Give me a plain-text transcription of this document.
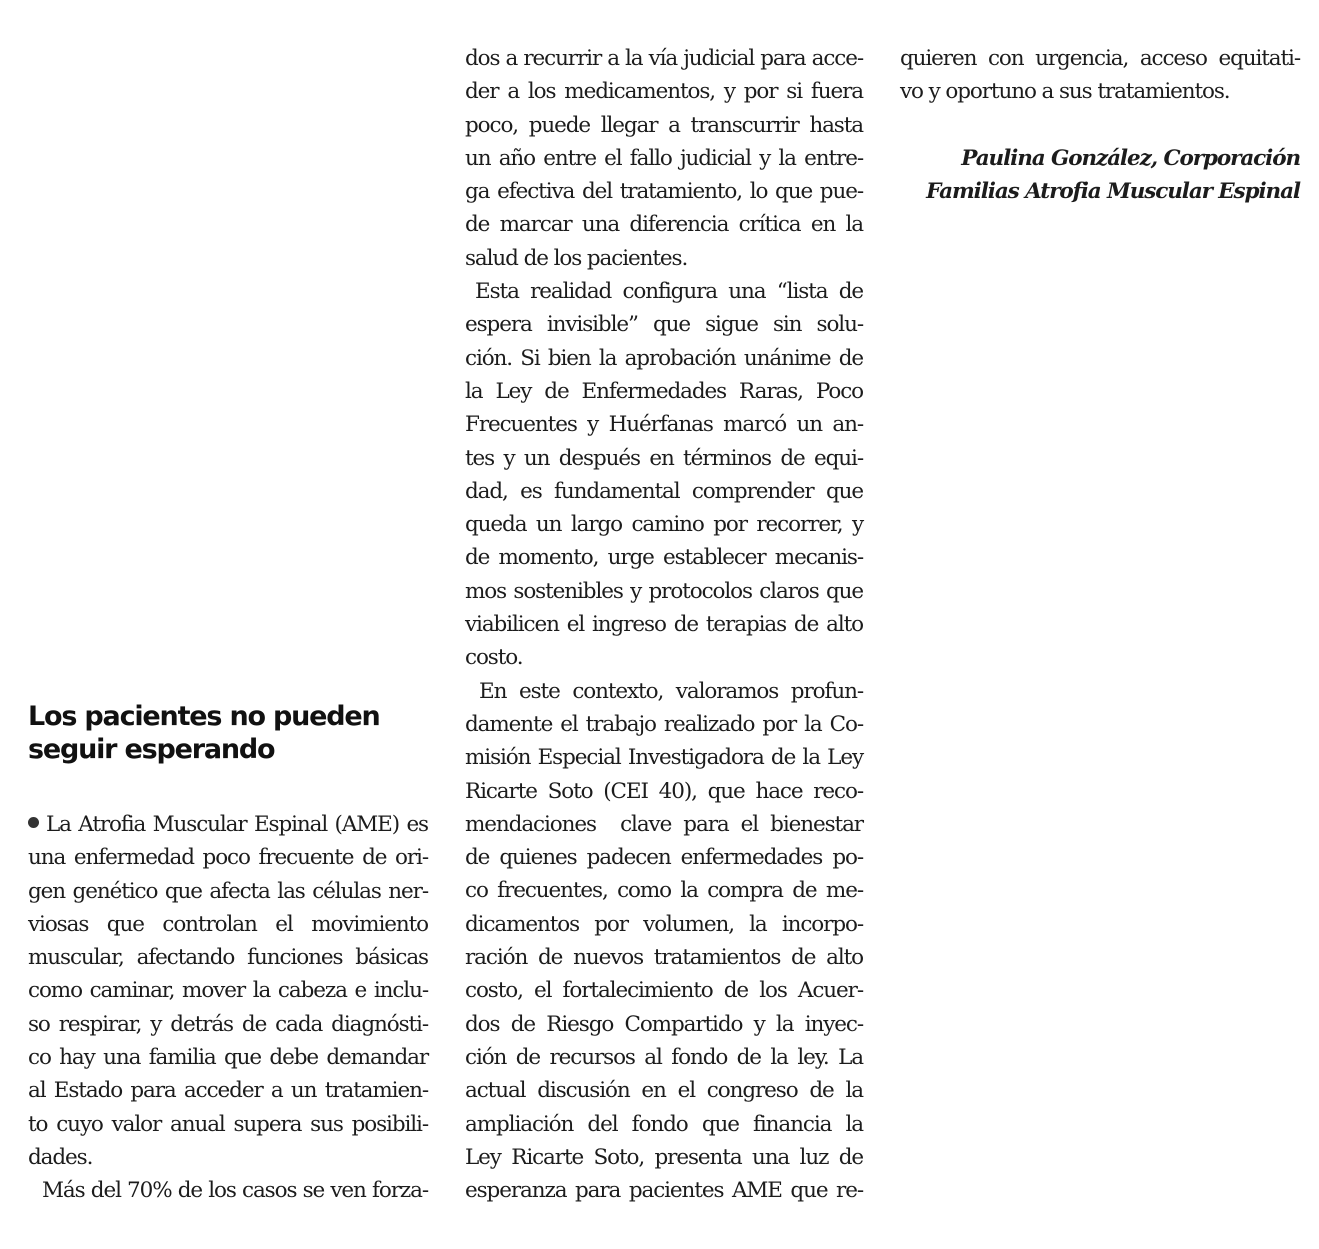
Los pacientes no pueden
seguir esperando

La Atrofia Muscular Espinal (AME) es
una enfermedad poco frecuente de ori-
gen genético que afecta las células ner-
viosas que controlan el movimiento
muscular, afectando funciones básicas
como caminar, mover la cabeza e inclu-
so respirar, y detrás de cada diagnósti-
co hay una familia que debe demandar
al Estado para acceder a un tratamien-
to cuyo valor anual supera sus posibili-
dades.

Más del 70% de los casos se ven forza-

dos a recurrir a la vía judicial para acce-
der a los medicamentos, y por si fuera
poco, puede llegar a transcurrir hasta
un año entre el fallo judicial y la entre-
ga efectiva del tratamiento, lo que pue-
de marcar una diferencia crítica en la
salud de los pacientes.

Esta realidad configura una “lista de
espera invisible” que sigue sin solu-
ción. Si bien la aprobación unánime de
la Ley de Enfermedades Raras, Poco
Frecuentes y Huérfanas marcó un an-
tes y un después en términos de equi-
dad, es fundamental comprender que
queda un largo camino por recorrer, y
de momento, urge establecer mecanis-
mos sostenibles y protocolos claros que
viabilicen el ingreso de terapias de alto
costo.

En este contexto, valoramos profun-
damente el trabajo realizado por la Co-
misión Especial Investigadora de la Ley
Ricarte Soto (CEI 40), que hace reco-
mendaciones  clave para el bienestar
de quienes padecen enfermedades po-
co frecuentes, como la compra de me-
dicamentos por volumen, la incorpo-
ración de nuevos tratamientos de alto
costo, el fortalecimiento de los Acuer-
dos de Riesgo Compartido y la inyec-
ción de recursos al fondo de la ley. La
actual discusión en el congreso de la
ampliación del fondo que financia la
Ley Ricarte Soto, presenta una luz de
esperanza para pacientes AME que re-

quieren con urgencia, acceso equitati-
vo y oportuno a sus tratamientos.

Paulina González, Corporación
Familias Atrofia Muscular Espinal
